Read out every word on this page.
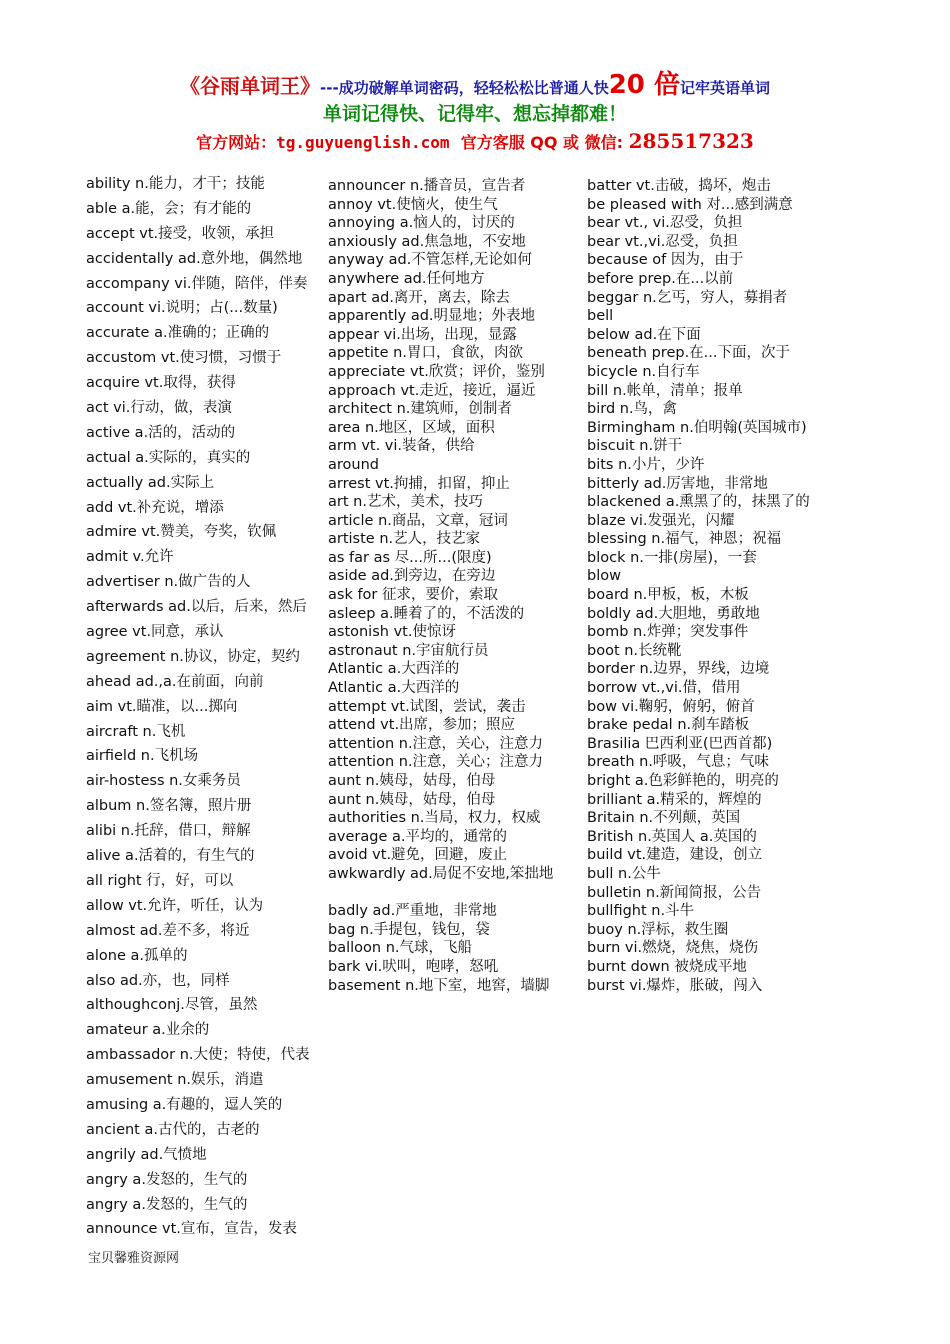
《谷雨单词王》---成功破解单词密码，轻轻松松比普通人快20 倍记牢英语单词
单词记得快、记得牢、想忘掉都难！
官方网站：tg.guyuenglish.com 官方客服 QQ 或 微信: 285517323
ability n.能力，才干；技能
able a.能，会；有才能的
accept vt.接受，收领，承担
accidentally ad.意外地，偶然地
accompany vi.伴随，陪伴，伴奏
account vi.说明；占(...数量)
accurate a.准确的；正确的
accustom vt.使习惯，习惯于
acquire vt.取得，获得
act vi.行动，做，表演
active a.活的，活动的
actual a.实际的，真实的
actually ad.实际上
add vt.补充说，增添
admire vt.赞美，夸奖，钦佩
admit v.允许
advertiser n.做广告的人
afterwards ad.以后，后来，然后
agree vt.同意，承认
agreement n.协议，协定，契约
ahead ad.,a.在前面，向前
aim vt.瞄准，以...掷向
aircraft n.飞机
airfield n.飞机场
air-hostess n.女乘务员
album n.签名簿，照片册
alibi n.托辞，借口，辩解
alive a.活着的，有生气的
all right 行，好，可以
allow vt.允许，听任，认为
almost ad.差不多，将近
alone a.孤单的
also ad.亦，也，同样
althoughconj.尽管，虽然
amateur a.业余的
ambassador n.大使；特使，代表
amusement n.娱乐，消遣
amusing a.有趣的，逗人笑的
ancient a.古代的，古老的
angrily ad.气愤地
angry a.发怒的，生气的
angry a.发怒的，生气的
announce vt.宣布，宣告，发表
announcer n.播音员，宣告者
annoy vt.使恼火，使生气
annoying a.恼人的，讨厌的
anxiously ad.焦急地，不安地
anyway ad.不管怎样,无论如何
anywhere ad.任何地方
apart ad.离开，离去，除去
apparently ad.明显地；外表地
appear vi.出场，出现，显露
appetite n.胃口，食欲，肉欲
appreciate vt.欣赏；评价，鉴别
approach vt.走近，接近，逼近
architect n.建筑师，创制者
area n.地区，区域，面积
arm vt. vi.装备，供给
around
arrest vt.拘捕，扣留，抑止
art n.艺术，美术，技巧
article n.商品，文章，冠词
artiste n.艺人，技艺家
as far as 尽...所...(限度)
aside ad.到旁边，在旁边
ask for 征求，要价，索取
asleep a.睡着了的，不活泼的
astonish vt.使惊讶
astronaut n.宇宙航行员
Atlantic a.大西洋的
Atlantic a.大西洋的
attempt vt.试图，尝试，袭击
attend vt.出席，参加；照应
attention n.注意，关心，注意力
attention n.注意，关心；注意力
aunt n.姨母，姑母，伯母
aunt n.姨母，姑母，伯母
authorities n.当局，权力，权威
average a.平均的，通常的
avoid vt.避免，回避，废止
awkwardly ad.局促不安地,笨拙地
badly ad.严重地，非常地
bag n.手提包，钱包，袋
balloon n.气球，飞船
bark vi.吠叫，咆哮，怒吼
basement n.地下室，地窖，墙脚
batter vt.击破，捣坏，炮击
be pleased with 对...感到满意
bear vt., vi.忍受，负担
bear vt.,vi.忍受，负担
because of 因为，由于
before prep.在...以前
beggar n.乞丐，穷人，募捐者
bell
below ad.在下面
beneath prep.在...下面，次于
bicycle n.自行车
bill n.帐单，清单；报单
bird n.鸟，禽
Birmingham n.伯明翰(英国城市)
biscuit n.饼干
bits n.小片，少许
bitterly ad.厉害地，非常地
blackened a.熏黑了的，抹黑了的
blaze vi.发强光，闪耀
blessing n.福气，神恩；祝福
block n.一排(房屋)，一套
blow
board n.甲板，板，木板
boldly ad.大胆地，勇敢地
bomb n.炸弹；突发事件
boot n.长统靴
border n.边界，界线，边境
borrow vt.,vi.借，借用
bow vi.鞠躬，俯躬，俯首
brake pedal n.刹车踏板
Brasilia 巴西利亚(巴西首都)
breath n.呼吸，气息；气味
bright a.色彩鲜艳的，明亮的
brilliant a.精采的，辉煌的
Britain n.不列颠，英国
British n.英国人 a.英国的
build vt.建造，建设，创立
bull n.公牛
bulletin n.新闻简报，公告
bullfight n.斗牛
buoy n.浮标，救生圈
burn vi.燃烧，烧焦，烧伤
burnt down 被烧成平地
burst vi.爆炸，胀破，闯入
宝贝馨雅资源网
